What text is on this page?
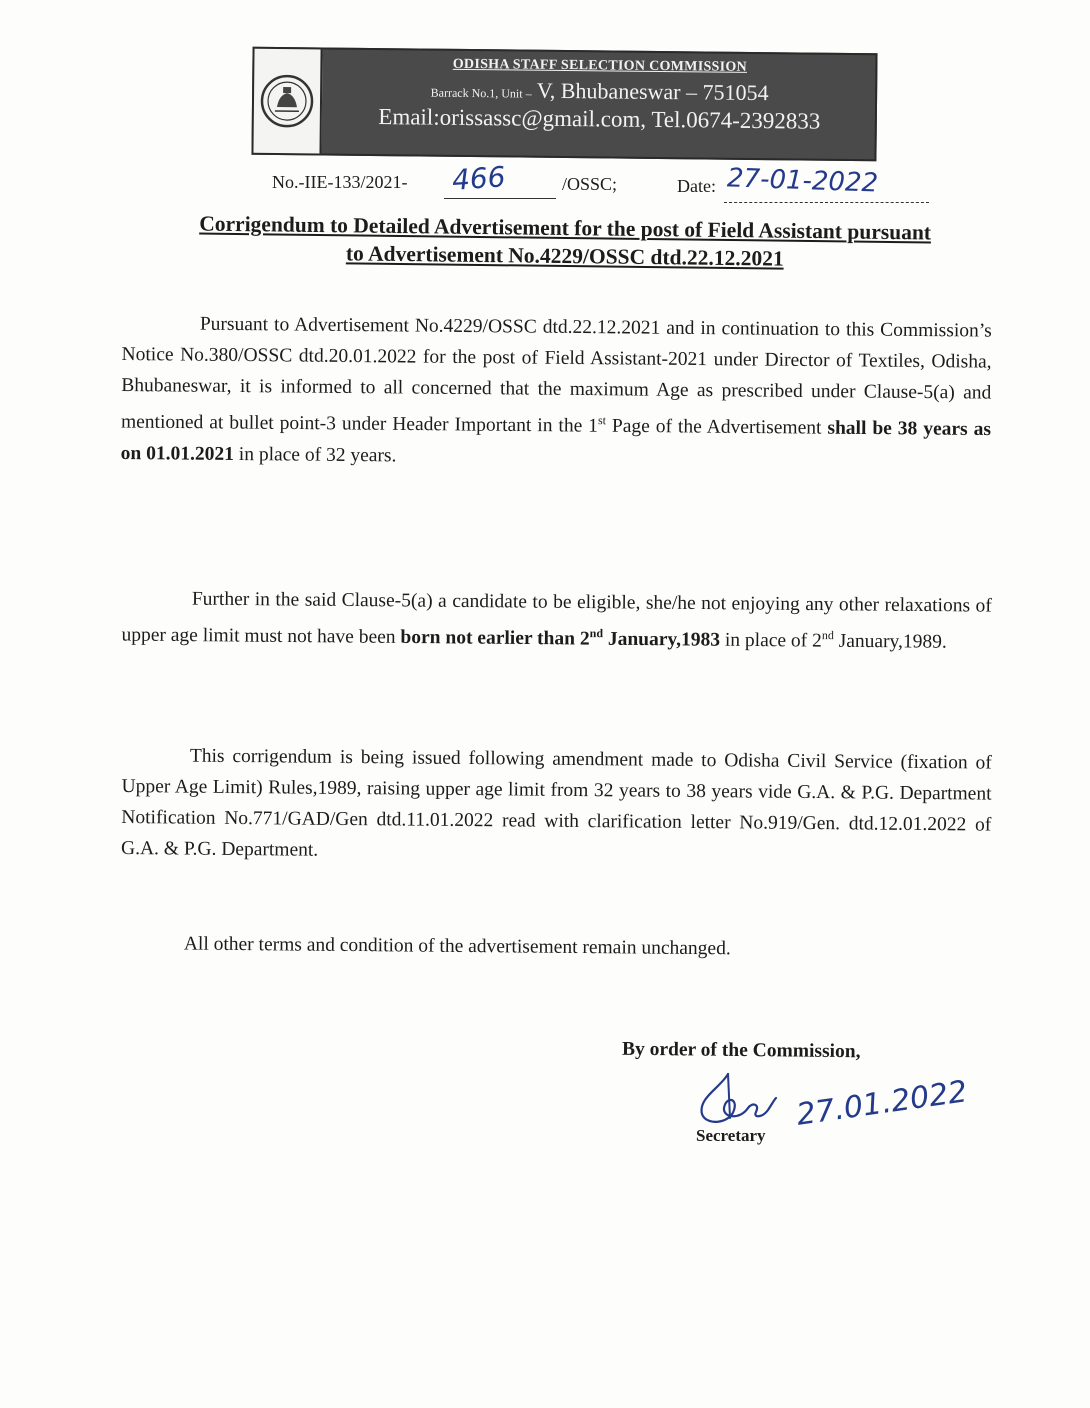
ODISHA STAFF SELECTION COMMISSION
Barrack No.1, Unit – V, Bhubaneswar – 751054
Email:orissassc@gmail.com, Tel.0674-2392833
No.-IIE-133/2021- 466	/OSSC;	Date: 27-01-2022
Corrigendum to Detailed Advertisement for the post of Field Assistant pursuant
to Advertisement No.4229/OSSC dtd.22.12.2021
Pursuant to Advertisement No.4229/OSSC dtd.22.12.2021 and in continuation to this Commission’s Notice No.380/OSSC dtd.20.01.2022 for the post of Field Assistant-2021 under Director of Textiles, Odisha, Bhubaneswar, it is informed to all concerned that the maximum Age as prescribed under Clause-5(a) and mentioned at bullet point-3 under Header Important in the 1st Page of the Advertisement shall be 38 years as on 01.01.2021 in place of 32 years.
Further in the said Clause-5(a) a candidate to be eligible, she/he not enjoying any other relaxations of upper age limit must not have been born not earlier than 2nd January,1983 in place of 2nd January,1989.
This corrigendum is being issued following amendment made to Odisha Civil Service (fixation of Upper Age Limit) Rules,1989, raising upper age limit from 32 years to 38 years vide G.A. & P.G. Department Notification No.771/GAD/Gen dtd.11.01.2022 read with clarification letter No.919/Gen. dtd.12.01.2022 of G.A. & P.G. Department.
All other terms and condition of the advertisement remain unchanged.
By order of the Commission,
27.01.2022
Secretary
